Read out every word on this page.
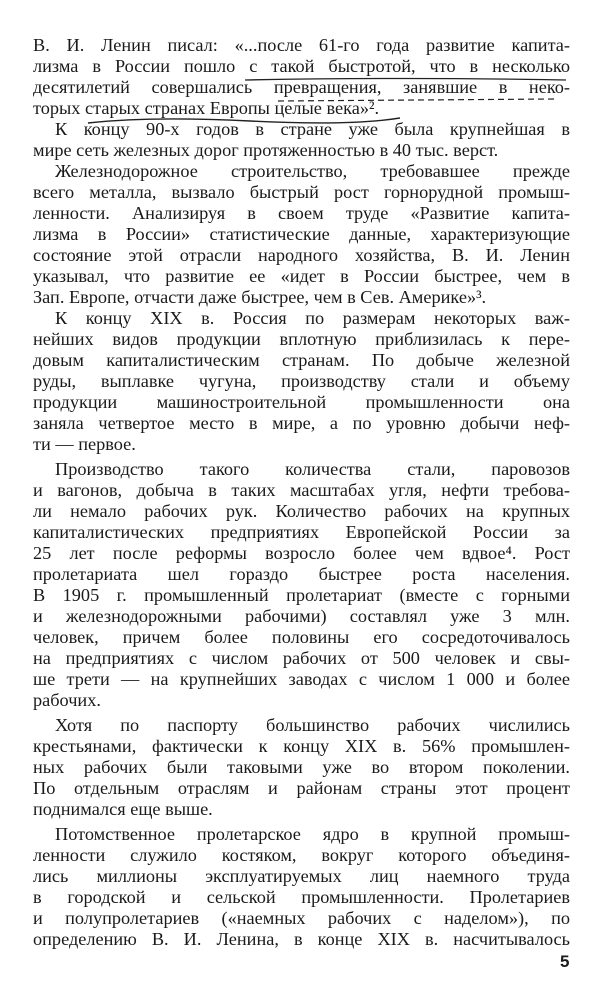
В. И. Ленин писал: «...после 61-го года развитие капита-
лизма в России пошло с такой быстротой, что в несколько
десятилетий совершались превращения, занявшие в неко-
торых старых странах Европы целые века»².
К концу 90-х годов в стране уже была крупнейшая в
мире сеть железных дорог протяженностью в 40 тыс. верст.
Железнодорожное строительство, требовавшее прежде
всего металла, вызвало быстрый рост горнорудной промыш-
ленности. Анализируя в своем труде «Развитие капита-
лизма в России» статистические данные, характеризующие
состояние этой отрасли народного хозяйства, В. И. Ленин
указывал, что развитие ее «идет в России быстрее, чем в
Зап. Европе, отчасти даже быстрее, чем в Сев. Америке»³.
К концу XIX в. Россия по размерам некоторых важ-
нейших видов продукции вплотную приблизилась к пере-
довым капиталистическим странам. По добыче железной
руды, выплавке чугуна, производству стали и объему
продукции машиностроительной промышленности она
заняла четвертое место в мире, а по уровню добычи неф-
ти — первое.
Производство такого количества стали, паровозов
и вагонов, добыча в таких масштабах угля, нефти требова-
ли немало рабочих рук. Количество рабочих на крупных
капиталистических предприятиях Европейской России за
25 лет после реформы возросло более чем вдвое⁴. Рост
пролетариата шел гораздо быстрее роста населения.
В 1905 г. промышленный пролетариат (вместе с горными
и железнодорожными рабочими) составлял уже 3 млн.
человек, причем более половины его сосредоточивалось
на предприятиях с числом рабочих от 500 человек и свы-
ше трети — на крупнейших заводах с числом 1 000 и более
рабочих.
Хотя по паспорту большинство рабочих числились
крестьянами, фактически к концу XIX в. 56% промышлен-
ных рабочих были таковыми уже во втором поколении.
По отдельным отраслям и районам страны этот процент
поднимался еще выше.
Потомственное пролетарское ядро в крупной промыш-
ленности служило костяком, вокруг которого объединя-
лись миллионы эксплуатируемых лиц наемного труда
в городской и сельской промышленности. Пролетариев
и полупролетариев («наемных рабочих с наделом»), по
определению В. И. Ленина, в конце XIX в. насчитывалось
5
